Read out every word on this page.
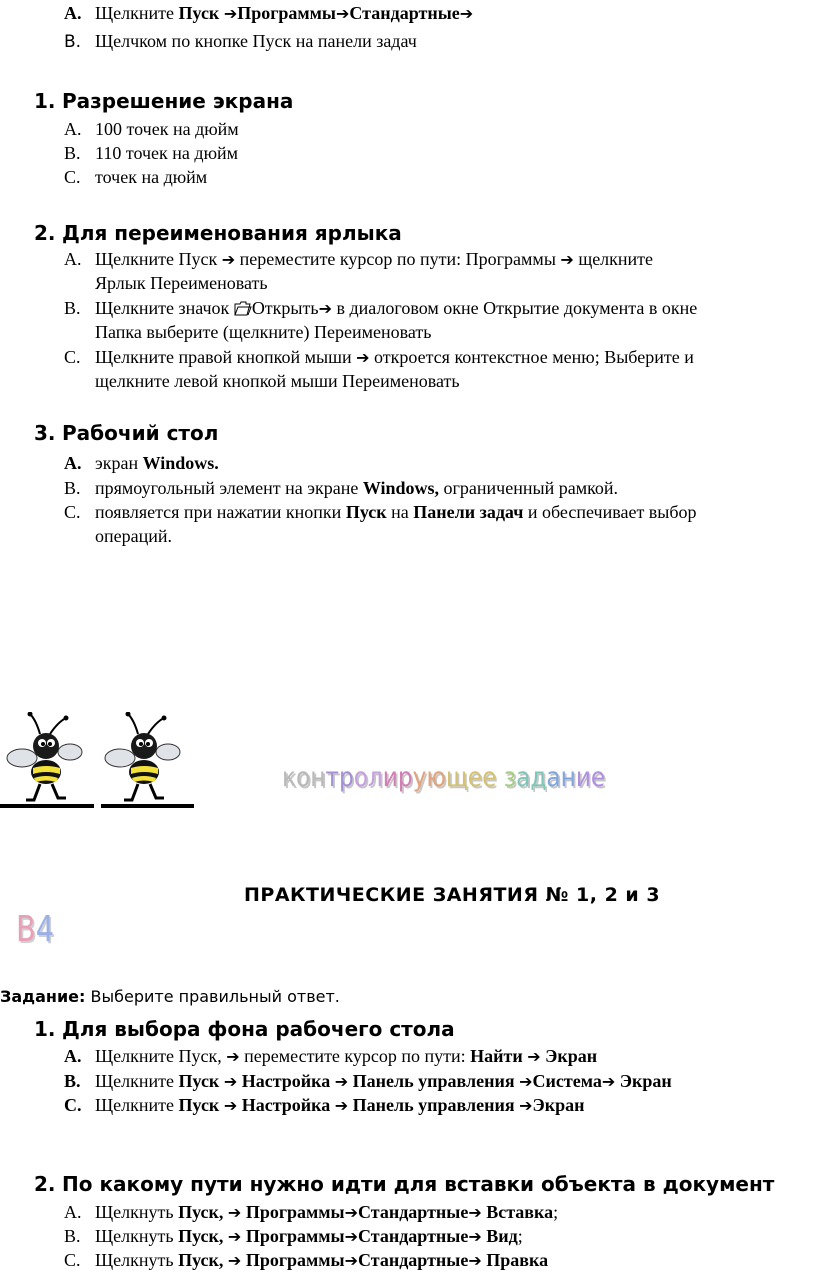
A. Щелкните Пуск ➔Программы➔Стандартные➔
B. Щелчком по кнопке Пуск на панели задач
1. Разрешение экрана
A. 100 точек на дюйм
B. 110 точек на дюйм
C. точек на дюйм
2. Для переименования ярлыка
A. Щелкните Пуск ➔ переместите курсор по пути: Программы ➔ щелкните
Ярлык Переименовать
B. Щелкните значок Открыть➔ в диалоговом окне Открытие документа в окне
Папка выберите (щелкните) Переименовать
C. Щелкните правой кнопкой мыши ➔ откроется контекстное меню; Выберите и
щелкните левой кнопкой мыши Переименовать
3. Рабочий стол
A. экран Windows.
B. прямоугольный элемент на экране Windows, ограниченный рамкой.
C. появляется при нажатии кнопки Пуск на Панели задач и обеспечивает выбор
операций.
контролирующее задание
ПРАКТИЧЕСКИЕ ЗАНЯТИЯ № 1, 2 и 3
В4
Задание: Выберите правильный ответ.
1. Для выбора фона рабочего стола
A. Щелкните Пуск, ➔ переместите курсор по пути: Найти ➔ Экран
B. Щелкните Пуск ➔ Настройка ➔ Панель управления ➔Система➔ Экран
C. Щелкните Пуск ➔ Настройка ➔ Панель управления ➔Экран
2. По какому пути нужно идти для вставки объекта в документ
A. Щелкнуть Пуск, ➔ Программы➔Стандартные➔ Вставка;
B. Щелкнуть Пуск, ➔ Программы➔Стандартные➔ Вид;
C. Щелкнуть Пуск, ➔ Программы➔Стандартные➔ Правка
